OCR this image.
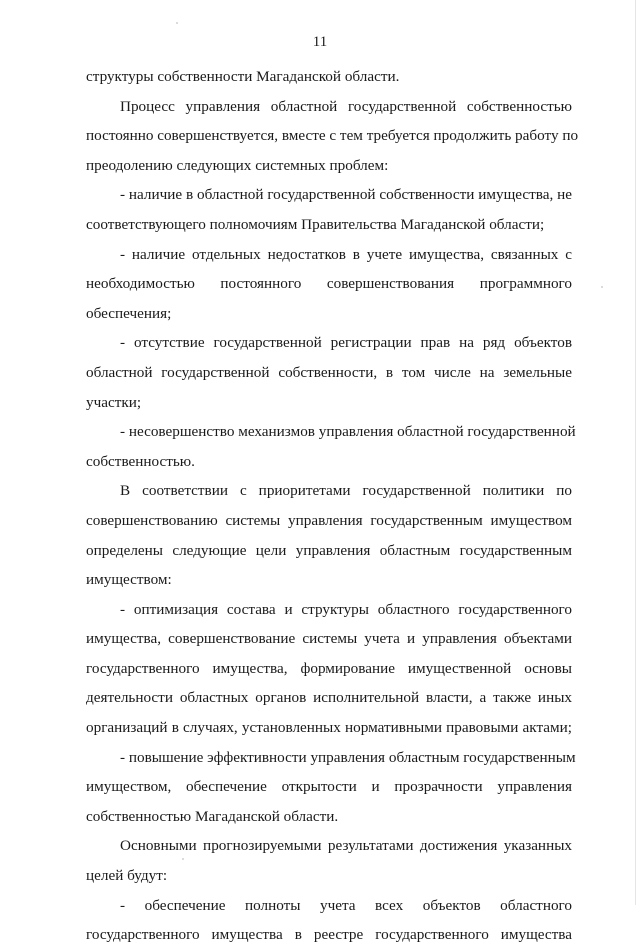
11
структуры собственности Магаданской области.
Процесс управления областной государственной собственностью
постоянно совершенствуется, вместе с тем требуется продолжить работу по
преодолению следующих системных проблем:
- наличие в областной государственной собственности имущества, не
соответствующего полномочиям Правительства Магаданской области;
- наличие отдельных недостатков в учете имущества, связанных с
необходимостью постоянного совершенствования программного
обеспечения;
- отсутствие государственной регистрации прав на ряд объектов
областной государственной собственности, в том числе на земельные
участки;
- несовершенство механизмов управления областной государственной
собственностью.
В соответствии с приоритетами государственной политики по
совершенствованию системы управления государственным имуществом
определены следующие цели управления областным государственным
имуществом:
- оптимизация состава и структуры областного государственного
имущества, совершенствование системы учета и управления объектами
государственного имущества, формирование имущественной основы
деятельности областных органов исполнительной власти, а также иных
организаций в случаях, установленных нормативными правовыми актами;
- повышение эффективности управления областным государственным
имуществом, обеспечение открытости и прозрачности управления
собственностью Магаданской области.
Основными прогнозируемыми результатами достижения указанных
целей будут:
- обеспечение полноты учета всех объектов областного
государственного имущества в реестре государственного имущества
